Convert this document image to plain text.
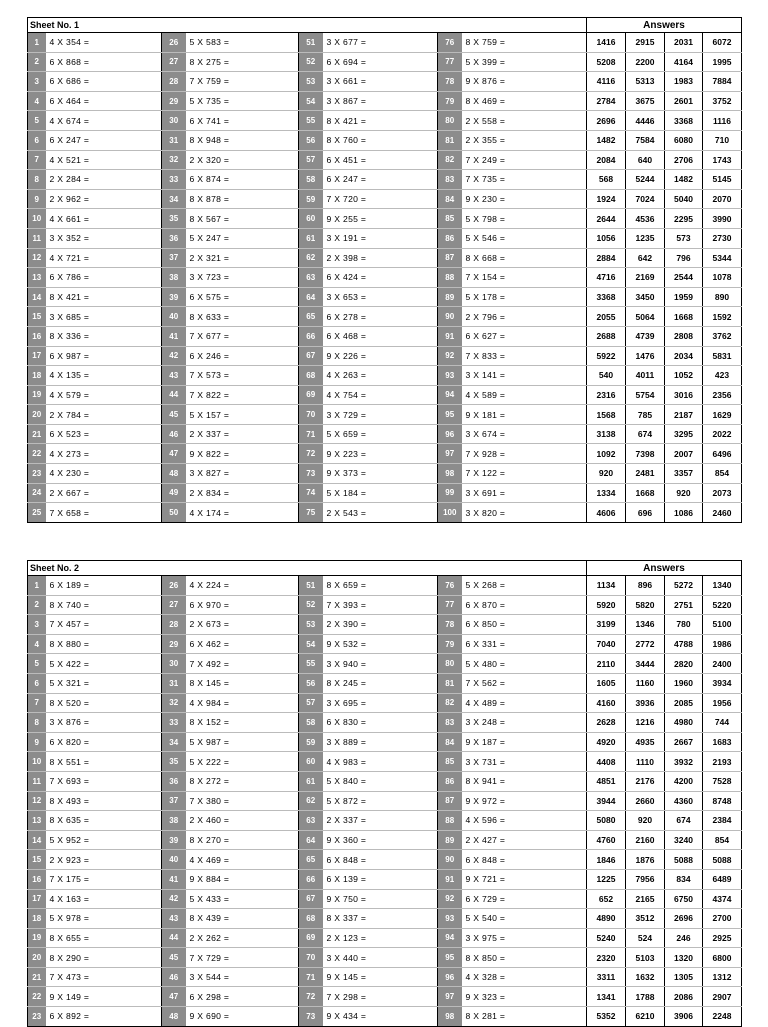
Sheet No. 1								Answers			
1	4 X 354 =	26	5 X 583 =	51	3 X 677 =	76	8 X 759 =	1416	2915	2031	6072
2	6 X 868 =	27	8 X 275 =	52	6 X 694 =	77	5 X 399 =	5208	2200	4164	1995
3	6 X 686 =	28	7 X 759 =	53	3 X 661 =	78	9 X 876 =	4116	5313	1983	7884
4	6 X 464 =	29	5 X 735 =	54	3 X 867 =	79	8 X 469 =	2784	3675	2601	3752
5	4 X 674 =	30	6 X 741 =	55	8 X 421 =	80	2 X 558 =	2696	4446	3368	1116
6	6 X 247 =	31	8 X 948 =	56	8 X 760 =	81	2 X 355 =	1482	7584	6080	710
7	4 X 521 =	32	2 X 320 =	57	6 X 451 =	82	7 X 249 =	2084	640	2706	1743
8	2 X 284 =	33	6 X 874 =	58	6 X 247 =	83	7 X 735 =	568	5244	1482	5145
9	2 X 962 =	34	8 X 878 =	59	7 X 720 =	84	9 X 230 =	1924	7024	5040	2070
10	4 X 661 =	35	8 X 567 =	60	9 X 255 =	85	5 X 798 =	2644	4536	2295	3990
11	3 X 352 =	36	5 X 247 =	61	3 X 191 =	86	5 X 546 =	1056	1235	573	2730
12	4 X 721 =	37	2 X 321 =	62	2 X 398 =	87	8 X 668 =	2884	642	796	5344
13	6 X 786 =	38	3 X 723 =	63	6 X 424 =	88	7 X 154 =	4716	2169	2544	1078
14	8 X 421 =	39	6 X 575 =	64	3 X 653 =	89	5 X 178 =	3368	3450	1959	890
15	3 X 685 =	40	8 X 633 =	65	6 X 278 =	90	2 X 796 =	2055	5064	1668	1592
16	8 X 336 =	41	7 X 677 =	66	6 X 468 =	91	6 X 627 =	2688	4739	2808	3762
17	6 X 987 =	42	6 X 246 =	67	9 X 226 =	92	7 X 833 =	5922	1476	2034	5831
18	4 X 135 =	43	7 X 573 =	68	4 X 263 =	93	3 X 141 =	540	4011	1052	423
19	4 X 579 =	44	7 X 822 =	69	4 X 754 =	94	4 X 589 =	2316	5754	3016	2356
20	2 X 784 =	45	5 X 157 =	70	3 X 729 =	95	9 X 181 =	1568	785	2187	1629
21	6 X 523 =	46	2 X 337 =	71	5 X 659 =	96	3 X 674 =	3138	674	3295	2022
22	4 X 273 =	47	9 X 822 =	72	9 X 223 =	97	7 X 928 =	1092	7398	2007	6496
23	4 X 230 =	48	3 X 827 =	73	9 X 373 =	98	7 X 122 =	920	2481	3357	854
24	2 X 667 =	49	2 X 834 =	74	5 X 184 =	99	3 X 691 =	1334	1668	920	2073
25	7 X 658 =	50	4 X 174 =	75	2 X 543 =	100	3 X 820 =	4606	696	1086	2460
Sheet No. 2								Answers			
1	6 X 189 =	26	4 X 224 =	51	8 X 659 =	76	5 X 268 =	1134	896	5272	1340
2	8 X 740 =	27	6 X 970 =	52	7 X 393 =	77	6 X 870 =	5920	5820	2751	5220
3	7 X 457 =	28	2 X 673 =	53	2 X 390 =	78	6 X 850 =	3199	1346	780	5100
4	8 X 880 =	29	6 X 462 =	54	9 X 532 =	79	6 X 331 =	7040	2772	4788	1986
5	5 X 422 =	30	7 X 492 =	55	3 X 940 =	80	5 X 480 =	2110	3444	2820	2400
6	5 X 321 =	31	8 X 145 =	56	8 X 245 =	81	7 X 562 =	1605	1160	1960	3934
7	8 X 520 =	32	4 X 984 =	57	3 X 695 =	82	4 X 489 =	4160	3936	2085	1956
8	3 X 876 =	33	8 X 152 =	58	6 X 830 =	83	3 X 248 =	2628	1216	4980	744
9	6 X 820 =	34	5 X 987 =	59	3 X 889 =	84	9 X 187 =	4920	4935	2667	1683
10	8 X 551 =	35	5 X 222 =	60	4 X 983 =	85	3 X 731 =	4408	1110	3932	2193
11	7 X 693 =	36	8 X 272 =	61	5 X 840 =	86	8 X 941 =	4851	2176	4200	7528
12	8 X 493 =	37	7 X 380 =	62	5 X 872 =	87	9 X 972 =	3944	2660	4360	8748
13	8 X 635 =	38	2 X 460 =	63	2 X 337 =	88	4 X 596 =	5080	920	674	2384
14	5 X 952 =	39	8 X 270 =	64	9 X 360 =	89	2 X 427 =	4760	2160	3240	854
15	2 X 923 =	40	4 X 469 =	65	6 X 848 =	90	6 X 848 =	1846	1876	5088	5088
16	7 X 175 =	41	9 X 884 =	66	6 X 139 =	91	9 X 721 =	1225	7956	834	6489
17	4 X 163 =	42	5 X 433 =	67	9 X 750 =	92	6 X 729 =	652	2165	6750	4374
18	5 X 978 =	43	8 X 439 =	68	8 X 337 =	93	5 X 540 =	4890	3512	2696	2700
19	8 X 655 =	44	2 X 262 =	69	2 X 123 =	94	3 X 975 =	5240	524	246	2925
20	8 X 290 =	45	7 X 729 =	70	3 X 440 =	95	8 X 850 =	2320	5103	1320	6800
21	7 X 473 =	46	3 X 544 =	71	9 X 145 =	96	4 X 328 =	3311	1632	1305	1312
22	9 X 149 =	47	6 X 298 =	72	7 X 298 =	97	9 X 323 =	1341	1788	2086	2907
23	6 X 892 =	48	9 X 690 =	73	9 X 434 =	98	8 X 281 =	5352	6210	3906	2248
